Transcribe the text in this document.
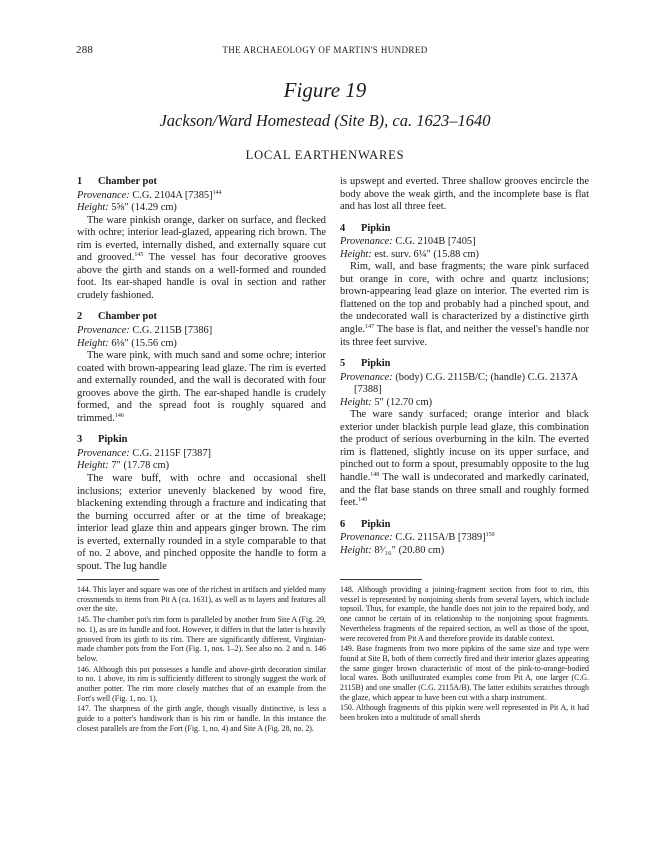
288	THE ARCHAEOLOGY OF MARTIN'S HUNDRED
Figure 19
Jackson/Ward Homestead (Site B), ca. 1623–1640
LOCAL EARTHENWARES
1 Chamber pot

Provenance: C.G. 2104A $[7385]^{144}$

Height: 5⅝″ (14.29 cm)

The ware pinkish orange, darker on surface, and flecked with ochre; interior lead-glazed, appearing rich brown. The rim is everted, internally dished, and externally square cut and grooved.$^{145}$ The vessel has four decorative grooves above the girth and stands on a well-formed and rounded foot. Its ear-shaped handle is oval in section and rather crudely fashioned.

2 Chamber pot

Provenance: C.G. 2115B [7386]

Height: 6⅛″ (15.56 cm)

The ware pink, with much sand and some ochre; interior coated with brown-appearing lead glaze. The rim is everted and externally rounded, and the wall is decorated with four grooves above the girth. The ear-shaped handle is crudely formed, and the spread foot is roughly squared and trimmed.$^{146}$

3 Pipkin

Provenance: C.G. 2115F [7387]

Height: 7″ (17.78 cm)

The ware buff, with ochre and occasional shell inclusions; exterior unevenly blackened by wood fire, blackening extending through a fracture and indicating that the burning occurred after or at the time of breakage; interior lead glaze thin and appears ginger brown. The rim is everted, externally rounded in a style comparable to that of no. 2 above, and pinched opposite the handle to form a spout. The lug handle

is upswept and everted. Three shallow grooves encircle the body above the weak girth, and the incomplete base is flat and has lost all three feet.

4 Pipkin

Provenance: C.G. 2104B [7405]

Height: est. surv. 6¼″ (15.88 cm)

Rim, wall, and base fragments; the ware pink surfaced but orange in core, with ochre and quartz inclusions; brown-appearing lead glaze on interior. The everted rim is flattened on the top and probably had a pinched spout, and the undecorated wall is characterized by a distinctive girth angle.$^{147}$ The base is flat, and neither the vessel's handle nor its three feet survive.

5 Pipkin

Provenance: (body) C.G. 2115B/C; (handle) C.G. 2137A [7388]

Height: 5″ (12.70 cm)

The ware sandy surfaced; orange interior and black exterior under blackish purple lead glaze, this combination the product of serious overburning in the kiln. The everted rim is flattened, slightly incuse on its upper surface, and pinched out to form a spout, presumably opposite to the lug handle.$^{148}$ The wall is undecorated and markedly carinated, and the flat base stands on three small and roughly formed feet.$^{149}$

6 Pipkin

Provenance: C.G. 2115A/B $[7389]^{150}$

Height: 8³⁄₁₆″ (20.80 cm)

144. This layer and square was one of the richest in artifacts and yielded many crossmends to items from Pit A (ca. 1631), as well as to layers and features all over the site.

145. The chamber pot's rim form is paralleled by another from Site A (Fig. 29, no. 1), as are its handle and foot. However, it differs in that the latter is heavily grooved from its girth to its rim. There are significantly different, Virginian-made chamber pots from the Fort (Fig. 1, nos. 1–2). See also no. 2 and n. 146 below.

146. Although this pot possesses a handle and above-girth decoration similar to no. 1 above, its rim is sufficiently different to strongly suggest the work of another potter. The rim more closely matches that of an example from the Fort's well (Fig. 1, no. 1).

147. The sharpness of the girth angle, though visually distinctive, is less a guide to a potter's handiwork than is his rim or handle. In this instance the closest parallels are from the Fort (Fig. 1, no. 4) and Site A (Fig. 28, no. 2).

148. Although providing a joining-fragment section from foot to rim, this vessel is represented by nonjoining sherds from several layers, which include topsoil. Thus, for example, the handle does not join to the repaired body, and one cannot be certain of its relationship to the nonjoining spout fragments. Nevertheless fragments of the repaired section, as well as those of the spout, were recovered from Pit A and therefore provide its datable context.

149. Base fragments from two more pipkins of the same size and type were found at Site B, both of them correctly fired and their interior glazes appearing the same ginger brown characteristic of most of the pink-to-orange-bodied local wares. Both unillustrated examples come from Pit A, one larger (C.G. 2115B) and one smaller (C.G. 2115A/B). The latter exhibits scratches through the glaze, which appear to have been cut with a sharp instrument.

150. Although fragments of this pipkin were well represented in Pit A, it had been broken into a multitude of small sherds
